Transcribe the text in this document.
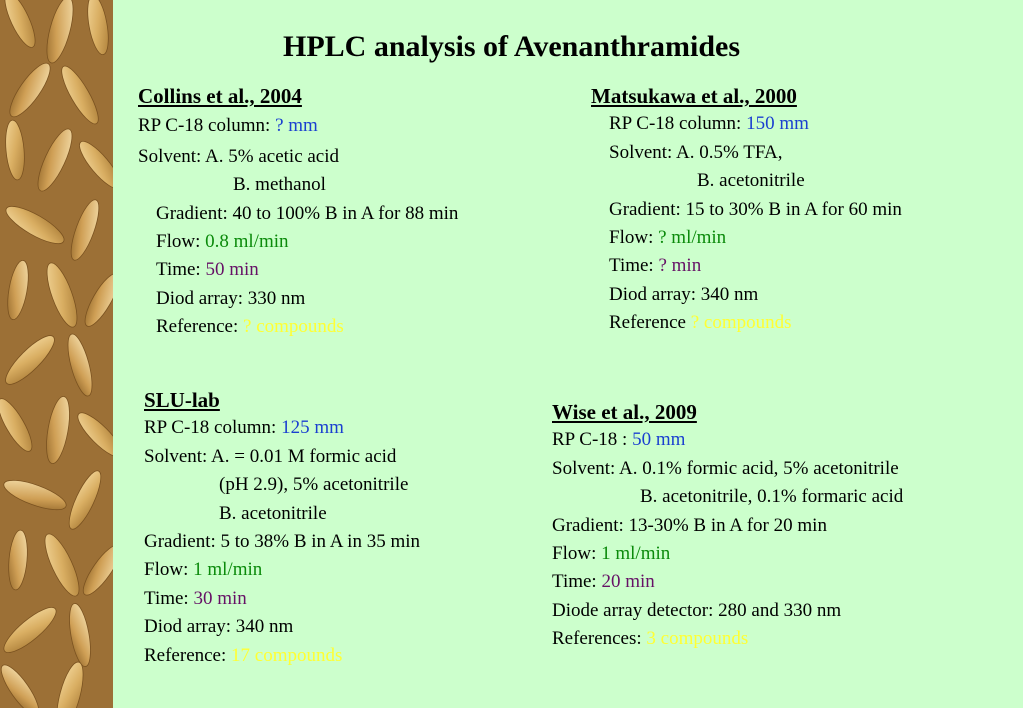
HPLC analysis of Avenanthramides
Collins et al., 2004
RP C-18 column: ? mm
Solvent: A. 5% acetic acid
B. methanol
Gradient: 40 to 100% B in A for 88 min
Flow: 0.8 ml/min
Time: 50 min
Diod array: 330 nm
Reference: ? compounds
Matsukawa et al., 2000
RP C-18 column: 150 mm
Solvent: A. 0.5% TFA,
B. acetonitrile
Gradient: 15 to 30% B in A for 60 min
Flow: ? ml/min
Time: ? min
Diod array: 340 nm
Reference ? compounds
SLU-lab
RP C-18 column: 125 mm
Solvent: A. = 0.01 M formic acid
(pH 2.9), 5% acetonitrile
B. acetonitrile
Gradient: 5 to 38% B in A in 35 min
Flow: 1 ml/min
Time: 30 min
Diod array: 340 nm
Reference: 17 compounds
Wise et al., 2009
RP C-18 : 50 mm
Solvent: A. 0.1% formic acid, 5% acetonitrile
B. acetonitrile, 0.1% formaric acid
Gradient: 13-30% B in A for 20 min
Flow: 1 ml/min
Time: 20 min
Diode array detector: 280 and 330 nm
References: 3 compounds
